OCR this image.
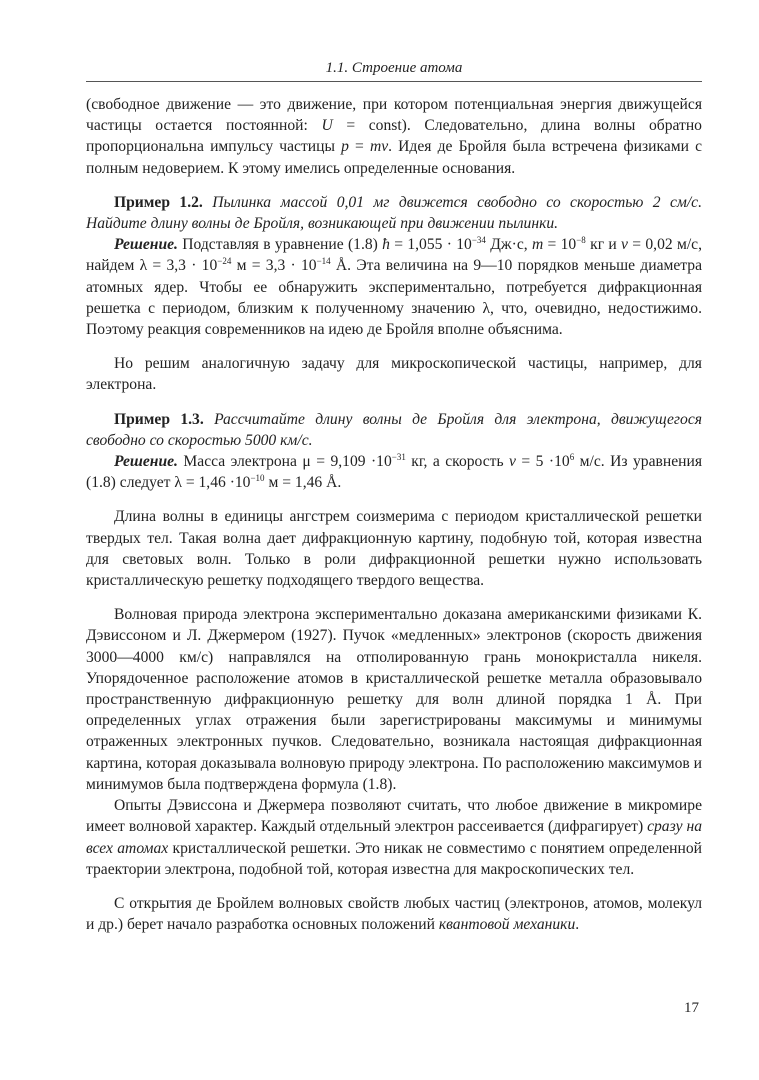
1.1. Строение атома

(свободное движение — это движение, при котором потенциальная энергия движущейся частицы остается постоянной: U = const). Следовательно, длина волны обратно пропорциональна импульсу частицы p = mv. Идея де Бройля была встречена физиками с полным недоверием. К этому имелись определенные основания.

Пример 1.2. Пылинка массой 0,01 мг движется свободно со скоростью 2 см/с. Найдите длину волны де Бройля, возникающей при движении пылинки.

Решение. Подставляя в уравнение (1.8) ħ = $1,055 \cdot 10^{-34}$ Дж·с, $m = 10^{-8}$ кг и v = 0,02 м/с, найдем $\lambda = 3,3 \cdot 10^{-24}$ $м = 3,3 \cdot 10^{-14}$ Å. Эта величина на 9—10 порядков меньше диаметра атомных ядер. Чтобы ее обнаружить экспериментально, потребуется дифракционная решетка с периодом, близким к полученному значению λ, что, очевидно, недостижимо. Поэтому реакция современников на идею де Бройля вполне объяснима.

Но решим аналогичную задачу для микроскопической частицы, например, для электрона.

Пример 1.3. Рассчитайте длину волны де Бройля для электрона, движущегося свободно со скоростью 5000 км/с.

Решение. Масса электрона $\mu = 9,109 \cdot 10^{-31}$ кг, а скорость $v = 5 \cdot 10^6$ м/с. Из уравнения (1.8) следует $\lambda = 1,46 \cdot 10^{-10}$ м = 1,46 Å.

Длина волны в единицы ангстрем соизмерима с периодом кристаллической решетки твердых тел. Такая волна дает дифракционную картину, подобную той, которая известна для световых волн. Только в роли дифракционной решетки нужно использовать кристаллическую решетку подходящего твердого вещества.

Волновая природа электрона экспериментально доказана американскими физиками К. Дэвиссоном и Л. Джермером (1927). Пучок «медленных» электронов (скорость движения 3000—4000 км/с) направлялся на отполированную грань монокристалла никеля. Упорядоченное расположение атомов в кристаллической решетке металла образовывало пространственную дифракционную решетку для волн длиной порядка 1 Å. При определенных углах отражения были зарегистрированы максимумы и минимумы отраженных электронных пучков. Следовательно, возникала настоящая дифракционная картина, которая доказывала волновую природу электрона. По расположению максимумов и минимумов была подтверждена формула (1.8).

Опыты Дэвиссона и Джермера позволяют считать, что любое движение в микромире имеет волновой характер. Каждый отдельный электрон рассеивается (дифрагирует) сразу на всех атомах кристаллической решетки. Это никак не совместимо с понятием определенной траектории электрона, подобной той, которая известна для макроскопических тел.

С открытия де Бройлем волновых свойств любых частиц (электронов, атомов, молекул и др.) берет начало разработка основных положений квантовой механики.

17
